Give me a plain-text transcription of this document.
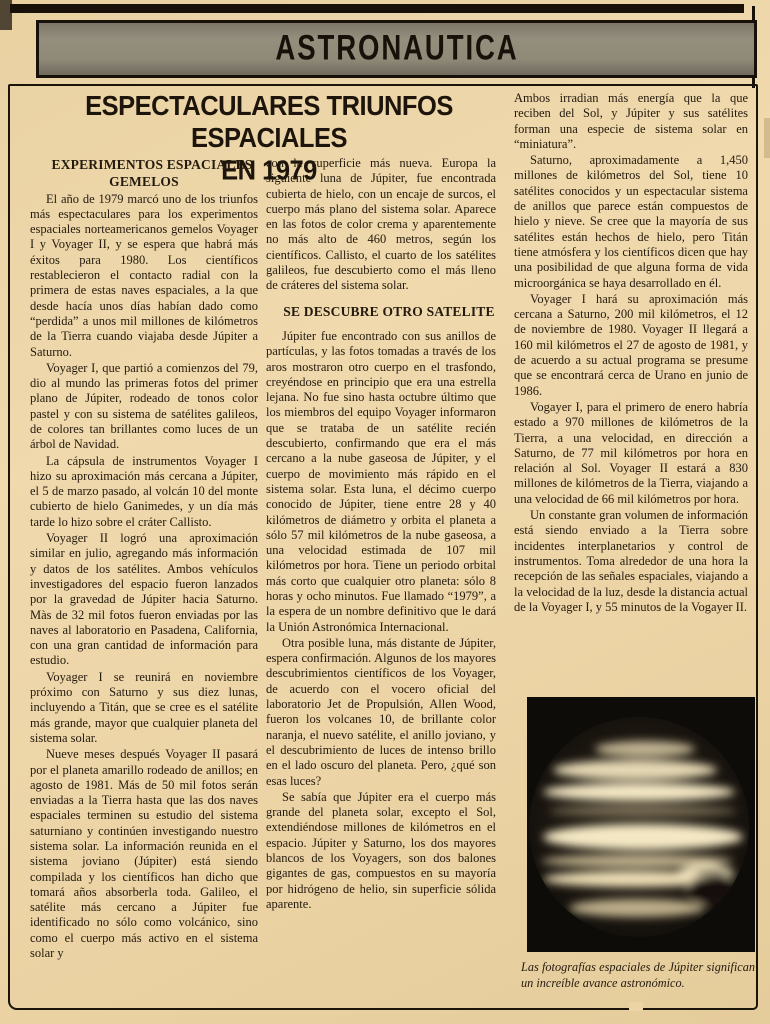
ASTRONAUTICA
ESPECTACULARES TRIUNFOS ESPACIALES
EN 1979

EXPERIMENTOS ESPACIALES GEMELOS

El año de 1979 marcó uno de los triunfos más espectaculares para los experimentos espaciales norteamericanos gemelos Voyager I y Voyager II, y se espera que habrá más éxitos para 1980. Los científicos restablecieron el contacto radial con la primera de estas naves espaciales, a la que desde hacía unos días habían dado como “perdida” a unos mil millones de kilómetros de la Tierra cuando viajaba desde Júpiter a Saturno.

Voyager I, que partió a comienzos del 79, dio al mundo las primeras fotos del primer plano de Júpiter, rodeado de tonos color pastel y con su sistema de satélites galileos, de colores tan brillantes como luces de un árbol de Navidad.

La cápsula de instrumentos Voyager I hizo su aproximación más cercana a Júpiter, el 5 de marzo pasado, al volcán 10 del monte cubierto de hielo Ganimedes, y un día más tarde lo hizo sobre el cráter Callisto.

Voyager II logró una aproximación similar en julio, agregando más información y datos de los satélites. Ambos vehículos investigadores del espacio fueron lanzados por la gravedad de Júpiter hacia Saturno. Màs de 32 mil fotos fueron enviadas por las naves al laboratorio en Pasadena, California, con una gran cantidad de información para estudio.

Voyager I se reunirá en noviembre próximo con Saturno y sus diez lunas, incluyendo a Titán, que se cree es el satélite más grande, mayor que cualquier planeta del sistema solar.

Nueve meses después Voyager II pasará por el planeta amarillo rodeado de anillos; en agosto de 1981. Más de 50 mil fotos serán enviadas a la Tierra hasta que las dos naves espaciales terminen su estudio del sistema saturniano y continúen investigando nuestro sistema solar. La información reunida en el sistema joviano (Júpiter) está siendo compilada y los científicos han dicho que tomará años absorberla toda. Galileo, el satélite más cercano a Júpiter fue identificado no sólo como volcánico, sino como el cuerpo más activo en el sistema solar y

con la superficie más nueva. Europa la siguiente luna de Júpiter, fue encontrada cubierta de hielo, con un encaje de surcos, el cuerpo más plano del sistema solar. Aparece en las fotos de color crema y aparentemente no más alto de 460 metros, según los científicos. Callisto, el cuarto de los satélites galileos, fue descubierto como el más lleno de cráteres del sistema solar.

SE DESCUBRE OTRO SATELITE

Júpiter fue encontrado con sus anillos de partículas, y las fotos tomadas a través de los aros mostraron otro cuerpo en el trasfondo, creyéndose en principio que era una estrella lejana. No fue sino hasta octubre último que los miembros del equipo Voyager informaron que se trataba de un satélite recién descubierto, confirmando que era el más cercano a la nube gaseosa de Júpiter, y el cuerpo de movimiento más rápido en el sistema solar. Esta luna, el décimo cuerpo conocido de Júpiter, tiene entre 28 y 40 kilómetros de diámetro y orbita el planeta a sólo 57 mil kilómetros de la nube gaseosa, a una velocidad estimada de 107 mil kilómetros por hora. Tiene un periodo orbital más corto que cualquier otro planeta: sólo 8 horas y ocho minutos. Fue llamado “1979”, a la espera de un nombre definitivo que le dará la Unión Astronómica Internacional.

Otra posible luna, más distante de Júpiter, espera confirmación. Algunos de los mayores descubrimientos científicos de los Voyager, de acuerdo con el vocero oficial del laboratorio Jet de Propulsión, Allen Wood, fueron los volcanes 10, de brillante color naranja, el nuevo satélite, el anillo joviano, y el descubrimiento de luces de intenso brillo en el lado oscuro del planeta. Pero, ¿qué son esas luces?

Se sabía que Júpiter era el cuerpo más grande del planeta solar, excepto el Sol, extendiéndose millones de kilómetros en el espacio. Júpiter y Saturno, los dos mayores blancos de los Voyagers, son dos balones gigantes de gas, compuestos en su mayoría por hidrógeno de helio, sin superficie sólida aparente.

Ambos irradian más energía que la que reciben del Sol, y Júpiter y sus satélites forman una especie de sistema solar en “miniatura”.

Saturno, aproximadamente a 1,450 millones de kilómetros del Sol, tiene 10 satélites conocidos y un espectacular sistema de anillos que parece están compuestos de hielo y nieve. Se cree que la mayoría de sus satélites están hechos de hielo, pero Titán tiene atmósfera y los científicos dicen que hay una posibilidad de que alguna forma de vida microorgánica se haya desarrollado en él.

Voyager I hará su aproximación más cercana a Saturno, 200 mil kilómetros, el 12 de noviembre de 1980. Voyager II llegará a 160 mil kilómetros el 27 de agosto de 1981, y de acuerdo a su actual programa se presume que se encontrará cerca de Urano en junio de 1986.

Vogayer I, para el primero de enero habría estado a 970 millones de kilómetros de la Tierra, a una velocidad, en dirección a Saturno, de 77 mil kilómetros por hora en relación al Sol. Voyager II estará a 830 millones de kilómetros de la Tierra, viajando a una velocidad de 66 mil kilómetros por hora.

Un constante gran volumen de información está siendo enviado a la Tierra sobre incidentes interplanetarios y control de instrumentos. Toma alrededor de una hora la recepción de las señales espaciales, viajando a la velocidad de la luz, desde la distancia actual de la Voyager I, y 55 minutos de la Vogayer II.

Las fotografías espaciales de Júpiter significan un increíble avance astronómico.
